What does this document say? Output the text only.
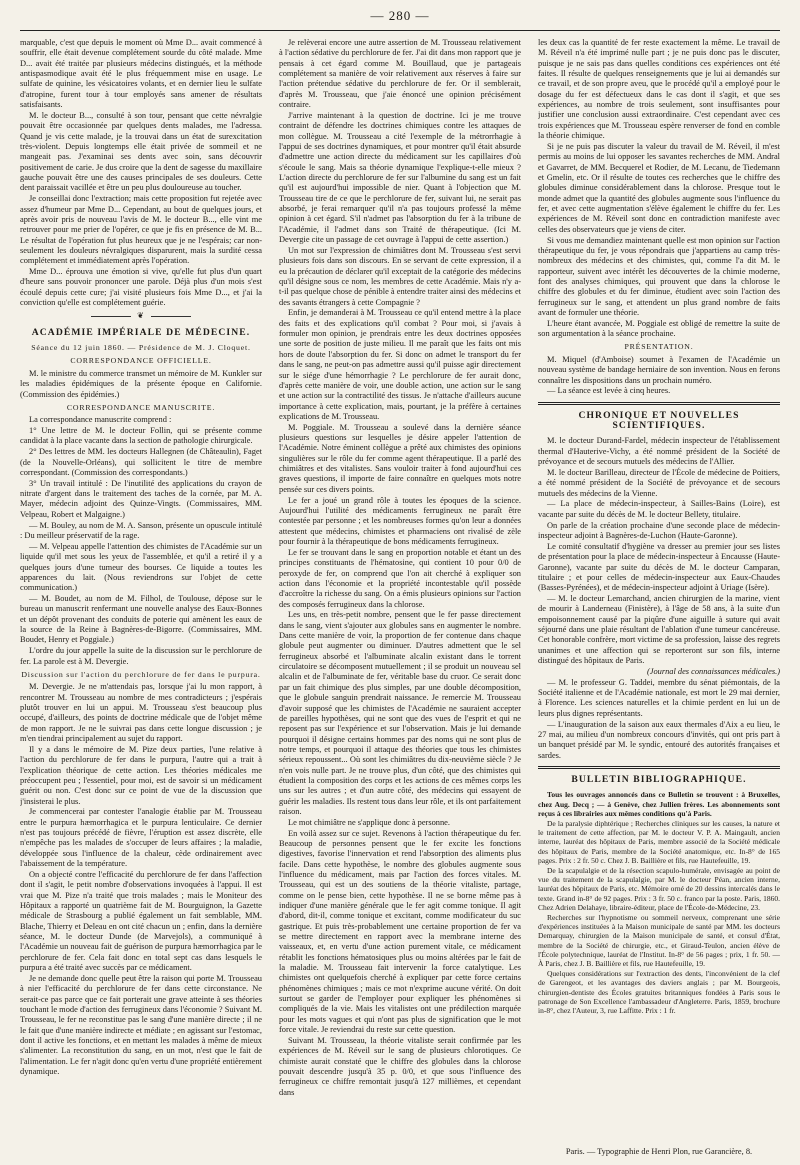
— 280 —

marquable, c'est que depuis le moment où Mme D... avait commencé à souffrir, elle était devenue complétement sourde du côté malade. Mme D... avait été traitée par plusieurs médecins distingués, et la méthode antispasmodique avait été le plus fréquemment mise en usage. Le sulfate de quinine, les vésicatoires volants, et en dernier lieu le sulfate d'atropine, furent tour à tour employés sans amener de résultats satisfaisants.

M. le docteur B..., consulté à son tour, pensant que cette névralgie pouvait être occasionnée par quelques dents malades, me l'adressa. Quand je vis cette malade, je la trouvai dans un état de surexcitation très-violent. Depuis longtemps elle était privée de sommeil et ne mangeait pas. J'examinai ses dents avec soin, sans découvrir positivement de carie. Je dus croire que la dent de sagesse du maxillaire gauche pouvait être une des causes principales de ses douleurs. Cette dent paraissait vacillée et être un peu plus douloureuse au toucher.

Je conseillai donc l'extraction; mais cette proposition fut rejetée avec assez d'humeur par Mme D... Cependant, au bout de quelques jours, et après avoir pris de nouveau l'avis de M. le docteur B..., elle vint me retrouver pour me prier de l'opérer, ce que je fis en présence de M. B... Le résultat de l'opération fut plus heureux que je ne l'espérais; car non-seulement les douleurs névralgiques disparurent, mais la surdité cessa complétement et immédiatement après l'opération.

Mme D... éprouva une émotion si vive, qu'elle fut plus d'un quart d'heure sans pouvoir prononcer une parole. Déjà plus d'un mois s'est écoulé depuis cette cure; j'ai visité plusieurs fois Mme D..., et j'ai la conviction qu'elle est complétement guérie.

❦

ACADÉMIE IMPÉRIALE DE MÉDECINE.

Séance du 12 juin 1860. — Présidence de M. J. Cloquet.

CORRESPONDANCE OFFICIELLE.

M. le ministre du commerce transmet un mémoire de M. Kunkler sur les maladies épidémiques de la présente époque en Californie. (Commission des épidémies.)

CORRESPONDANCE MANUSCRITE.

La correspondance manuscrite comprend :

1° Une lettre de M. le docteur Follin, qui se présente comme candidat à la place vacante dans la section de pathologie chirurgicale.

2° Des lettres de MM. les docteurs Hallegnen (de Châteaulin), Faget (de la Nouvelle-Orléans), qui sollicitent le titre de membre correspondant. (Commission des correspondants.)

3° Un travail intitulé : De l'inutilité des applications du crayon de nitrate d'argent dans le traitement des taches de la cornée, par M. A. Mayer, médecin adjoint des Quinze-Vingts. (Commissaires, MM. Velpeau, Robert et Malgaigne.)

— M. Bouley, au nom de M. A. Sanson, présente un opuscule intitulé : Du meilleur préservatif de la rage.

— M. Velpeau appelle l'attention des chimistes de l'Académie sur un liquide qu'il met sous les yeux de l'assemblée, et qu'il a retiré il y a quelques jours d'une tumeur des bourses. Ce liquide a toutes les apparences du lait. (Nous reviendrons sur l'objet de cette communication.)

— M. Boudet, au nom de M. Filhol, de Toulouse, dépose sur le bureau un manuscrit renfermant une nouvelle analyse des Eaux-Bonnes et un dépôt provenant des conduits de poterie qui amènent les eaux de la source de la Reine à Bagnères-de-Bigorre. (Commissaires, MM. Boudet, Henry et Poggiale.)

L'ordre du jour appelle la suite de la discussion sur le perchlorure de fer. La parole est à M. Devergie.

Discussion sur l'action du perchlorure de fer dans le purpura.

M. Devergie. Je ne m'attendais pas, lorsque j'ai lu mon rapport, à rencontrer M. Trousseau au nombre de mes contradicteurs ; j'espérais plutôt trouver en lui un appui. M. Trousseau s'est beaucoup plus occupé, d'ailleurs, des points de doctrine médicale que de l'objet même de mon rapport. Je ne le suivrai pas dans cette longue discussion ; je m'en tiendrai principalement au sujet du rapport.

Il y a dans le mémoire de M. Pize deux parties, l'une relative à l'action du perchlorure de fer dans le purpura, l'autre qui a trait à l'explication théorique de cette action. Les théories médicales me préoccupent peu ; l'essentiel, pour moi, est de savoir si un médicament guérit ou non. C'est donc sur ce point de vue de la discussion que j'insisterai le plus.

Je commencerai par contester l'analogie établie par M. Trousseau entre le purpura hæmorrhagica et le purpura lenticulaire. Ce dernier n'est pas toujours précédé de fièvre, l'éruption est assez discrète, elle n'empêche pas les malades de s'occuper de leurs affaires ; la maladie, développée sous l'influence de la chaleur, cède ordinairement avec l'abaissement de la température.

On a objecté contre l'efficacité du perchlorure de fer dans l'affection dont il s'agit, le petit nombre d'observations invoquées à l'appui. Il est vrai que M. Pize n'a traité que trois malades ; mais le Moniteur des Hôpitaux a rapporté un quatrième fait de M. Bourguignon, la Gazette médicale de Strasbourg a publié également un fait semblable, MM. Blache, Thierry et Deleau en ont cité chacun un ; enfin, dans la dernière séance, M. le docteur Dunde (de Marvejols), a communiqué à l'Académie un nouveau fait de guérison de purpura hæmorrhagica par le perchlorure de fer. Cela fait donc en total sept cas dans lesquels le purpura a été traité avec succès par ce médicament.

Je ne demande donc quelle peut être la raison qui porte M. Trousseau à nier l'efficacité du perchlorure de fer dans cette circonstance. Ne serait-ce pas parce que ce fait porterait une grave atteinte à ses théories touchant le mode d'action des ferrugineux dans l'économie ? Suivant M. Trousseau, le fer ne reconstitue pas le sang d'une manière directe ; il ne le fait que d'une manière indirecte et médiate ; en agissant sur l'estomac, dont il active les fonctions, et en mettant les malades à même de mieux s'alimenter. La reconstitution du sang, en un mot, n'est que le fait de l'alimentation. Le fer n'agit donc qu'en vertu d'une propriété entièrement dynamique.

Je relèverai encore une autre assertion de M. Trousseau relativement à l'action sédative du perchlorure de fer. J'ai dit dans mon rapport que je pensais à cet égard comme M. Bouillaud, que je partageais complétement sa manière de voir relativement aux réserves à faire sur l'action prétendue sédative du perchlorure de fer. Or il semblerait, d'après M. Trousseau, que j'aie énoncé une opinion précisément contraire.

J'arrive maintenant à la question de doctrine. Ici je me trouve contraint de défendre les doctrines chimiques contre les attaques de mon collègue. M. Trousseau a cité l'exemple de la métrorrhagie à l'appui de ses doctrines dynamiques, et pour montrer qu'il était absurde d'admettre une action directe du médicament sur les capillaires d'où s'écoule le sang. Mais sa théorie dynamique l'explique-t-elle mieux ? L'action directe du perchlorure de fer sur l'albumine du sang est un fait qu'il est aujourd'hui impossible de nier. Quant à l'objection que M. Trousseau tire de ce que le perchlorure de fer, suivant lui, ne serait pas absorbé, je ferai remarquer qu'il n'a pas toujours professé la même opinion à cet égard. S'il n'admet pas l'absorption du fer à la tribune de l'Académie, il l'admet dans son Traité de thérapeutique. (Ici M. Devergie cite un passage de cet ouvrage à l'appui de cette assertion.)

Un mot sur l'expression de chimiâtres dont M. Trousseau s'est servi plusieurs fois dans son discours. En se servant de cette expression, il a eu la précaution de déclarer qu'il exceptait de la catégorie des médecins qu'il désigne sous ce nom, les membres de cette Académie. Mais n'y a-t-il pas quelque chose de pénible à entendre traiter ainsi des médecins et des savants étrangers à cette Compagnie ?

Enfin, je demanderai à M. Trousseau ce qu'il entend mettre à la place des faits et des explications qu'il combat ? Pour moi, si j'avais à formuler mon opinion, je prendrais entre les deux doctrines opposées une sorte de position de juste milieu. Il me paraît que les faits ont mis hors de doute l'absorption du fer. Si donc on admet le transport du fer dans le sang, ne peut-on pas admettre aussi qu'il puisse agir directement sur le siége d'une hémorrhagie ? Le perchlorure de fer aurait donc, d'après cette manière de voir, une double action, une action sur le sang et une action sur la contractilité des tissus. Je n'attache d'ailleurs aucune importance à cette explication, mais, pourtant, je la préfère à certaines explications de M. Trousseau.

M. Poggiale. M. Trousseau a soulevé dans la dernière séance plusieurs questions sur lesquelles je désire appeler l'attention de l'Académie. Notre éminent collègue a prêté aux chimistes des opinions singulières sur le rôle du fer comme agent thérapeutique. Il a parlé des chimiâtres et des vitalistes. Sans vouloir traiter à fond aujourd'hui ces graves questions, il importe de faire connaître en quelques mots notre pensée sur ces divers points.

Le fer a joué un grand rôle à toutes les époques de la science. Aujourd'hui l'utilité des médicaments ferrugineux ne paraît être contestée par personne ; et les nombreuses formes qu'on leur a données attestent que médecins, chimistes et pharmaciens ont rivalisé de zèle pour fournir à la thérapeutique de bons médicaments ferrugineux.

Le fer se trouvant dans le sang en proportion notable et étant un des principes constituants de l'hématosine, qui contient 10 pour 0/0 de peroxyde de fer, on comprend que l'on ait cherché à expliquer son action dans l'économie et la propriété incontestable qu'il possède d'accroître la richesse du sang. On a émis plusieurs opinions sur l'action des composés ferrugineux dans la chlorose.

Les uns, en très-petit nombre, pensent que le fer passe directement dans le sang, vient s'ajouter aux globules sans en augmenter le nombre. Dans cette manière de voir, la proportion de fer contenue dans chaque globule peut augmenter ou diminuer. D'autres admettent que le sel ferrugineux absorbé et l'albuminate alcalin existant dans le torrent circulatoire se décomposent mutuellement ; il se produit un nouveau sel alcalin et de l'albuminate de fer, véritable base du cruor. Ce serait donc par un fait chimique des plus simples, par une double décomposition, que le globule sanguin prendrait naissance. Je remercie M. Trousseau d'avoir supposé que les chimistes de l'Académie ne sauraient accepter de pareilles hypothèses, qui ne sont que des vues de l'esprit et qui ne reposent pas sur l'expérience et sur l'observation. Mais je lui demande pourquoi il désigne certains hommes par des noms qui ne sont plus de notre temps, et pourquoi il attaque des théories que tous les chimistes sérieux repoussent... Où sont les chimiâtres du dix-neuvième siècle ? Je n'en vois nulle part. Je ne trouve plus, d'un côté, que des chimistes qui étudient la composition des corps et les actions de ces mêmes corps les uns sur les autres ; et d'un autre côté, des médecins qui essayent de guérir les maladies. Ils restent tous dans leur rôle, et ils ont parfaitement raison.

Le mot chimiâtre ne s'applique donc à personne.

En voilà assez sur ce sujet. Revenons à l'action thérapeutique du fer. Beaucoup de personnes pensent que le fer excite les fonctions digestives, favorise l'innervation et rend l'absorption des aliments plus facile. Dans cette hypothèse, le nombre des globules augmente sous l'influence du médicament, mais par l'action des forces vitales. M. Trousseau, qui est un des soutiens de la théorie vitaliste, partage, comme on le pense bien, cette hypothèse. Il ne se borne même pas à indiquer d'une manière générale que le fer agit comme tonique. Il agit d'abord, dit-il, comme tonique et excitant, comme modificateur du suc gastrique. Et puis très-probablement une certaine proportion de fer va se mettre directement en rapport avec la membrane interne des vaisseaux, et, en vertu d'une action purement vitale, ce médicament rétablit les fonctions hématosiques plus ou moins altérées par le fait de la maladie. M. Trousseau fait intervenir la force catalytique. Les chimistes ont quelquefois cherché à expliquer par cette force certains phénomènes chimiques ; mais ce mot n'exprime aucune vérité. On doit surtout se garder de l'employer pour expliquer les phénomènes si compliqués de la vie. Mais les vitalistes ont une prédilection marquée pour les mots vagues et qui n'ont pas plus de signification que le mot force vitale. Je reviendrai du reste sur cette question.

Suivant M. Trousseau, la théorie vitaliste serait confirmée par les expériences de M. Réveil sur le sang de plusieurs chlorotiques. Ce chimiste aurait constaté que le chiffre des globules dans la chlorose pouvait descendre jusqu'à 35 p. 0/0, et que sous l'influence des ferrugineux ce chiffre remontait jusqu'à 127 millièmes, et cependant dans

les deux cas la quantité de fer reste exactement la même. Le travail de M. Réveil n'a été imprimé nulle part ; je ne puis donc pas le discuter, puisque je ne sais pas dans quelles conditions ces expériences ont été faites. Il résulte de quelques renseignements que je lui ai demandés sur ce travail, et de son propre aveu, que le procédé qu'il a employé pour le dosage du fer est défectueux dans le cas dont il s'agit, et que ses expériences, au nombre de trois seulement, sont insuffisantes pour justifier une conclusion aussi extraordinaire. C'est cependant avec ces trois expériences que M. Trousseau espère renverser de fond en comble la théorie chimique.

Si je ne puis pas discuter la valeur du travail de M. Réveil, il m'est permis au moins de lui opposer les savantes recherches de MM. Andral et Gavarret, de MM. Becquerel et Rodier, de M. Lecanu, de Tiedemann et Gmelin, etc. Or il résulte de toutes ces recherches que le chiffre des globules diminue considérablement dans la chlorose. Presque tout le monde admet que la quantité des globules augmente sous l'influence du fer, et avec cette augmentation s'élève également le chiffre du fer. Les expériences de M. Réveil sont donc en contradiction manifeste avec celles des observateurs que je viens de citer.

Si vous me demandiez maintenant quelle est mon opinion sur l'action thérapeutique du fer, je vous répondrais que j'appartiens au camp très-nombreux des médecins et des chimistes, qui, comme l'a dit M. le rapporteur, suivent avec intérêt les découvertes de la chimie moderne, font des analyses chimiques, qui prouvent que dans la chlorose le chiffre des globules et du fer diminue, étudient avec soin l'action des ferrugineux sur le sang, et attendent un plus grand nombre de faits avant de formuler une théorie.

L'heure étant avancée, M. Poggiale est obligé de remettre la suite de son argumentation à la séance prochaine.

PRÉSENTATION.

M. Miquel (d'Amboise) soumet à l'examen de l'Académie un nouveau système de bandage herniaire de son invention. Nous en ferons connaître les dispositions dans un prochain numéro.

— La séance est levée à cinq heures.

CHRONIQUE ET NOUVELLES SCIENTIFIQUES.

M. le docteur Durand-Fardel, médecin inspecteur de l'établissement thermal d'Hauterive-Vichy, a été nommé président de la Société de prévoyance et de secours mutuels des médecins de l'Allier.

M. le docteur Barilleau, directeur de l'École de médecine de Poitiers, a été nommé président de la Société de prévoyance et de secours mutuels des médecins de la Vienne.

— La place de médecin-inspecteur, à Sailles-Bains (Loire), est vacante par suite du décès de M. le docteur Bellety, titulaire.

On parle de la création prochaine d'une seconde place de médecin-inspecteur adjoint à Bagnères-de-Luchon (Haute-Garonne).

Le comité consultatif d'hygiène va dresser au premier jour ses listes de présentation pour la place de médecin-inspecteur à Encausse (Haute-Garonne), vacante par suite du décès de M. le docteur Camparan, titulaire ; et pour celles de médecin-inspecteur aux Eaux-Chaudes (Basses-Pyrénées), et de médecin-inspecteur adjoint à Uriage (Isère).

— M. le docteur Lemarchand, ancien chirurgien de la marine, vient de mourir à Landerneau (Finistère), à l'âge de 58 ans, à la suite d'un empoisonnement causé par la piqûre d'une aiguille à suture qui avait séjourné dans une plaie résultant de l'ablation d'une tumeur cancéreuse. Cet honorable confrère, mort victime de sa profession, laisse des regrets unanimes et une affection qui se reporteront sur son fils, interne distingué des hôpitaux de Paris.

(Journal des connaissances médicales.)

— M. le professeur G. Taddei, membre du sénat piémontais, de la Société italienne et de l'Académie nationale, est mort le 29 mai dernier, à Florence. Les sciences naturelles et la chimie perdent en lui un de leurs plus dignes représentants.

— L'inauguration de la saison aux eaux thermales d'Aix a eu lieu, le 27 mai, au milieu d'un nombreux concours d'invités, qui ont pris part à un banquet présidé par M. le syndic, entouré des autorités françaises et sardes.

BULLETIN BIBLIOGRAPHIQUE.

Tous les ouvrages annoncés dans ce Bulletin se trouvent : à Bruxelles, chez Aug. Decq ; — à Genève, chez Jullien frères. Les abonnements sont reçus à ces librairies aux mêmes conditions qu'à Paris.

De la paralysie diphtérique ; Recherches cliniques sur les causes, la nature et le traitement de cette affection, par M. le docteur V. P. A. Maingault, ancien interne, lauréat des hôpitaux de Paris, membre associé de la Société médicale des hôpitaux de Paris, membre de la Société anatomique, etc. In-8° de 165 pages. Prix : 2 fr. 50 c. Chez J. B. Baillière et fils, rue Hautefeuille, 19.

De la scapulalgie et de la résection scapulo-humérale, envisagée au point de vue du traitement de la scapulalgie, par M. le docteur Péan, ancien interne, lauréat des hôpitaux de Paris, etc. Mémoire orné de 20 dessins intercalés dans le texte. Grand in-8° de 92 pages. Prix : 3 fr. 50 c. franco par la poste. Paris, 1860. Chez Adrien Delahaye, libraire-éditeur, place de l'École-de-Médecine, 23.

Recherches sur l'hypnotisme ou sommeil nerveux, comprenant une série d'expériences instituées à la Maison municipale de santé par MM. les docteurs Demarquay, chirurgien de la Maison municipale de santé, et consul d'État, membre de la Société de chirurgie, etc., et Giraud-Teulon, ancien élève de l'École polytechnique, lauréat de l'Institut. In-8° de 56 pages ; prix, 1 fr. 50. — À Paris, chez J. B. Baillière et fils, rue Hautefeuille, 19.

Quelques considérations sur l'extraction des dents, l'inconvénient de la clef de Garengeot, et les avantages des daviers anglais ; par M. Bourgeois, chirurgien-dentiste des Écoles gratuites britanniques fondées à Paris sous le patronage de Son Excellence l'ambassadeur d'Angleterre. Paris, 1859, brochure in-8°, chez l'Auteur, 3, rue Laffitte. Prix : 1 fr.

Paris. — Typographie de Henri Plon, rue Garancière, 8.
